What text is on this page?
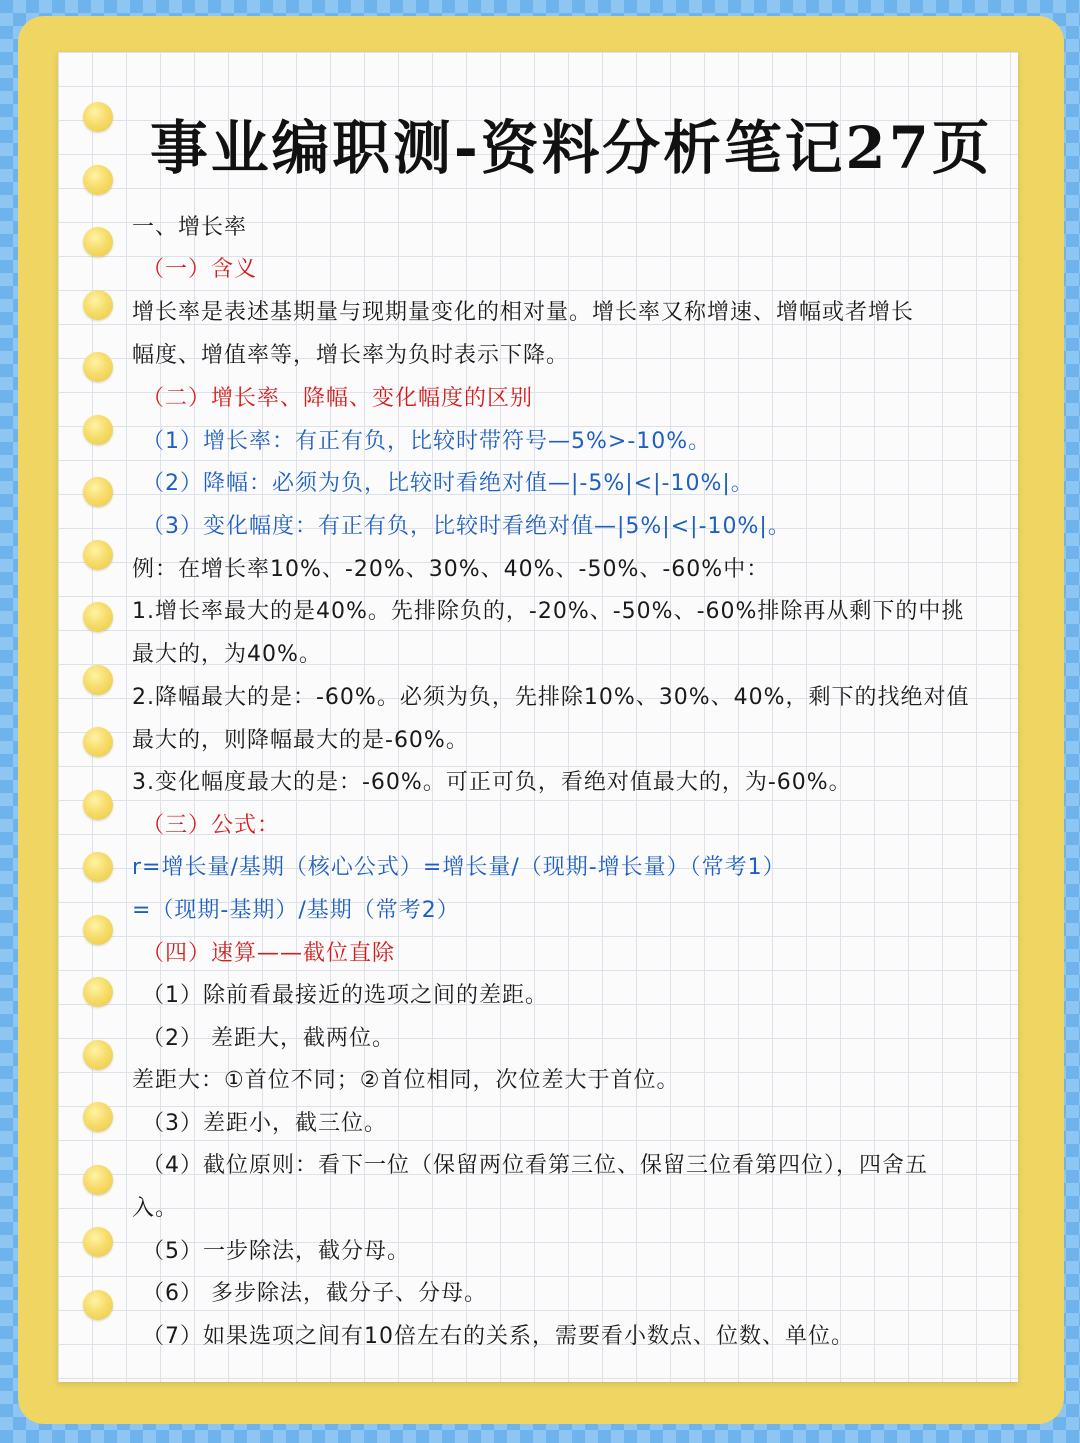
事业编职测-资料分析笔记27页
一、增长率
（一）含义
增长率是表述基期量与现期量变化的相对量。增长率又称增速、增幅或者增长
幅度、增值率等，增长率为负时表示下降。
（二）增长率、降幅、变化幅度的区别
（1）增长率：有正有负，比较时带符号—5%>-10%。
（2）降幅：必须为负，比较时看绝对值—|-5%|<|-10%|。
（3）变化幅度：有正有负，比较时看绝对值—|5%|<|-10%|。
例：在增长率10%、-20%、30%、40%、-50%、-60%中：
1.增长率最大的是40%。先排除负的，-20%、-50%、-60%排除再从剩下的中挑
最大的，为40%。
2.降幅最大的是：-60%。必须为负，先排除10%、30%、40%，剩下的找绝对值
最大的，则降幅最大的是-60%。
3.变化幅度最大的是：-60%。可正可负，看绝对值最大的，为-60%。
（三）公式：
r=增长量/基期（核心公式）=增长量/（现期-增长量）（常考1）
=（现期-基期）/基期（常考2）
（四）速算——截位直除
（1）除前看最接近的选项之间的差距。
（2） 差距大，截两位。
差距大：①首位不同；②首位相同，次位差大于首位。
（3）差距小，截三位。
（4）截位原则：看下一位（保留两位看第三位、保留三位看第四位），四舍五
入。
（5）一步除法，截分母。
（6） 多步除法，截分子、分母。
（7）如果选项之间有10倍左右的关系，需要看小数点、位数、单位。
